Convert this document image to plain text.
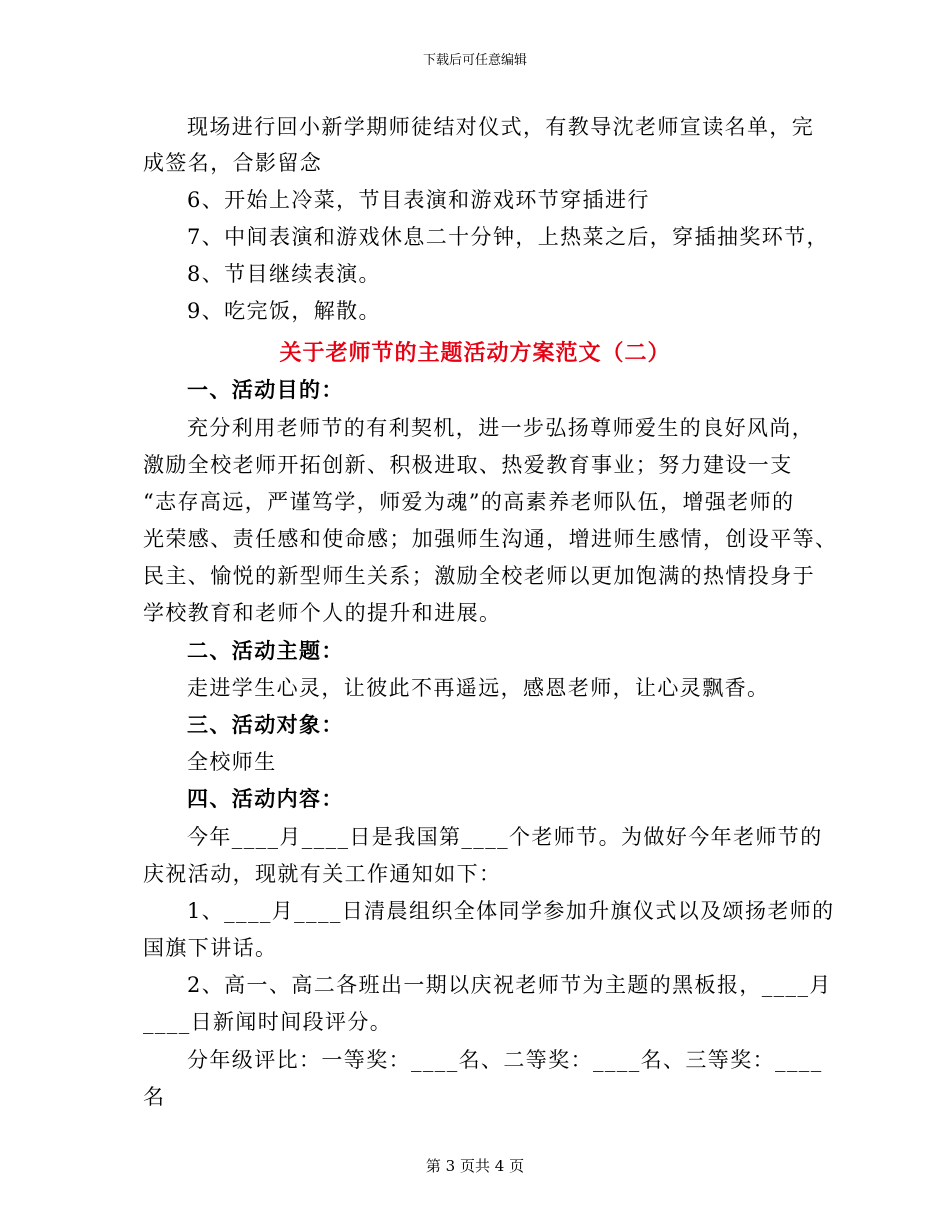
下载后可任意编辑
现场进行回小新学期师徒结对仪式，有教导沈老师宣读名单，完
成签名，合影留念
6、开始上冷菜，节目表演和游戏环节穿插进行
7、中间表演和游戏休息二十分钟，上热菜之后，穿插抽奖环节，
8、节目继续表演。
9、吃完饭，解散。
关于老师节的主题活动方案范文（二）
一、活动目的：
充分利用老师节的有利契机，进一步弘扬尊师爱生的良好风尚，
激励全校老师开拓创新、积极进取、热爱教育事业；努力建设一支
“志存高远，严谨笃学，师爱为魂”的高素养老师队伍，增强老师的
光荣感、责任感和使命感；加强师生沟通，增进师生感情，创设平等、
民主、愉悦的新型师生关系；激励全校老师以更加饱满的热情投身于
学校教育和老师个人的提升和进展。
二、活动主题：
走进学生心灵，让彼此不再遥远，感恩老师，让心灵飘香。
三、活动对象：
全校师生
四、活动内容：
今年____月____日是我国第____个老师节。为做好今年老师节的
庆祝活动，现就有关工作通知如下：
1、____月____日清晨组织全体同学参加升旗仪式以及颂扬老师的
国旗下讲话。
2、高一、高二各班出一期以庆祝老师节为主题的黑板报，____月
____日新闻时间段评分。
分年级评比：一等奖：____名、二等奖：____名、三等奖：____
名
第 3 页共 4 页
